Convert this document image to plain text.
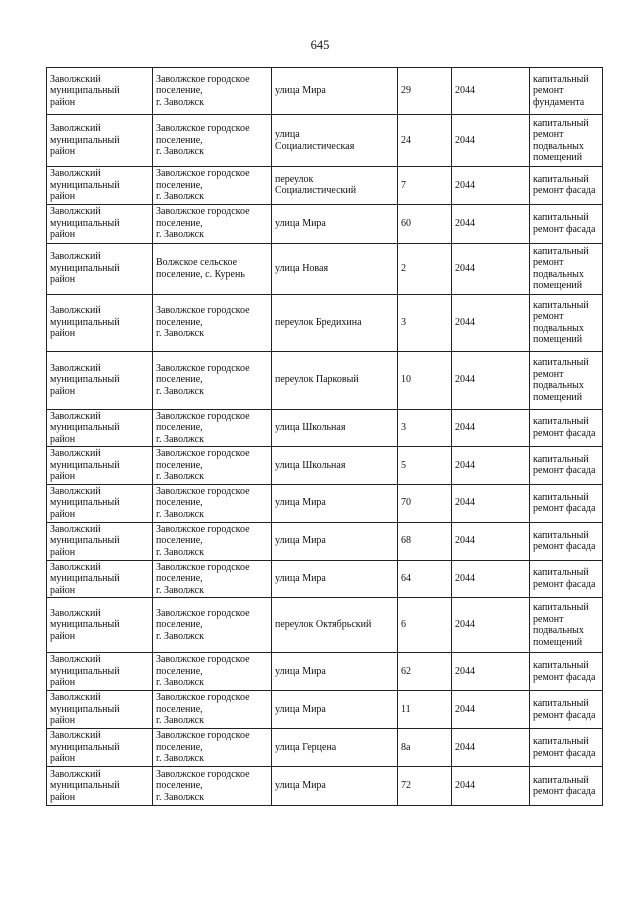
645
Заволжский
муниципальный
район	Заволжское городское
поселение,
г. Заволжск	улица Мира	29	2044	капитальный
ремонт
фундамента

Заволжский
муниципальный
район	Заволжское городское
поселение,
г. Заволжск	улица
Социалистическая	24	2044	капитальный
ремонт
подвальных
помещений

Заволжский
муниципальный
район	Заволжское городское
поселение,
г. Заволжск	переулок
Социалистический	7	2044	капитальный
ремонт фасада

Заволжский
муниципальный
район	Заволжское городское
поселение,
г. Заволжск	улица Мира	60	2044	капитальный
ремонт фасада

Заволжский
муниципальный
район	Волжское сельское
поселение, с. Курень	улица Новая	2	2044	капитальный
ремонт
подвальных
помещений

Заволжский
муниципальный
район	Заволжское городское
поселение,
г. Заволжск	переулок Бредихина	3	2044	капитальный
ремонт
подвальных
помещений

Заволжский
муниципальный
район	Заволжское городское
поселение,
г. Заволжск	переулок Парковый	10	2044	капитальный
ремонт
подвальных
помещений

Заволжский
муниципальный
район	Заволжское городское
поселение,
г. Заволжск	улица Школьная	3	2044	капитальный
ремонт фасада

Заволжский
муниципальный
район	Заволжское городское
поселение,
г. Заволжск	улица Школьная	5	2044	капитальный
ремонт фасада

Заволжский
муниципальный
район	Заволжское городское
поселение,
г. Заволжск	улица Мира	70	2044	капитальный
ремонт фасада

Заволжский
муниципальный
район	Заволжское городское
поселение,
г. Заволжск	улица Мира	68	2044	капитальный
ремонт фасада

Заволжский
муниципальный
район	Заволжское городское
поселение,
г. Заволжск	улица Мира	64	2044	капитальный
ремонт фасада

Заволжский
муниципальный
район	Заволжское городское
поселение,
г. Заволжск	переулок Октябрьский	6	2044	капитальный
ремонт
подвальных
помещений

Заволжский
муниципальный
район	Заволжское городское
поселение,
г. Заволжск	улица Мира	62	2044	капитальный
ремонт фасада

Заволжский
муниципальный
район	Заволжское городское
поселение,
г. Заволжск	улица Мира	11	2044	капитальный
ремонт фасада

Заволжский
муниципальный
район	Заволжское городское
поселение,
г. Заволжск	улица Герцена	8а	2044	капитальный
ремонт фасада

Заволжский
муниципальный
район	Заволжское городское
поселение,
г. Заволжск	улица Мира	72	2044	капитальный
ремонт фасада
